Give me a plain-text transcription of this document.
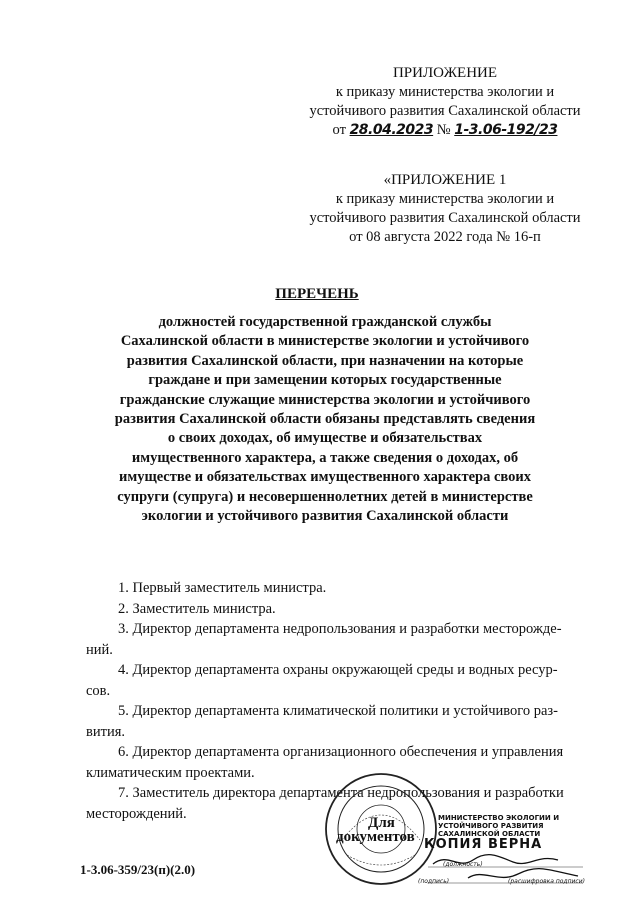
ПРИЛОЖЕНИЕ
к приказу министерства экологии и
устойчивого развития Сахалинской области
от 28.04.2023 № 1-3.06-192/23
«ПРИЛОЖЕНИЕ 1
к приказу министерства экологии и
устойчивого развития Сахалинской области
от 08 августа 2022 года № 16-п
ПЕРЕЧЕНЬ
должностей государственной гражданской службы
Сахалинской области в министерстве экологии и устойчивого
развития Сахалинской области, при назначении на которые
граждане и при замещении которых государственные
гражданские служащие министерства экологии и устойчивого
развития Сахалинской области обязаны представлять сведения
о своих доходах, об имуществе и обязательствах
имущественного характера, а также сведения о доходах, об
имуществе и обязательствах имущественного характера своих
супруги (супруга) и несовершеннолетних детей в министерстве
экологии и устойчивого развития Сахалинской области

1. Первый заместитель министра.

2. Заместитель министра.

3. Директор департамента недропользования и разработки месторожде-
ний.

4. Директор департамента охраны окружающей среды и водных ресур-
сов.

5. Директор департамента климатической политики и устойчивого раз-
вития.

6. Директор департамента организационного обеспечения и управления
климатическим проектами.

7. Заместитель директора департамента недропользования и разработки
месторождений.

Для
документов
МИНИСТЕРСТВО ЭКОЛОГИИ И
УСТОЙЧИВОГО РАЗВИТИЯ
САХАЛИНСКОЙ ОБЛАСТИ
КОПИЯ ВЕРНА
(должность)
(подпись)	(расшифровка подписи)
1-3.06-359/23(п)(2.0)
